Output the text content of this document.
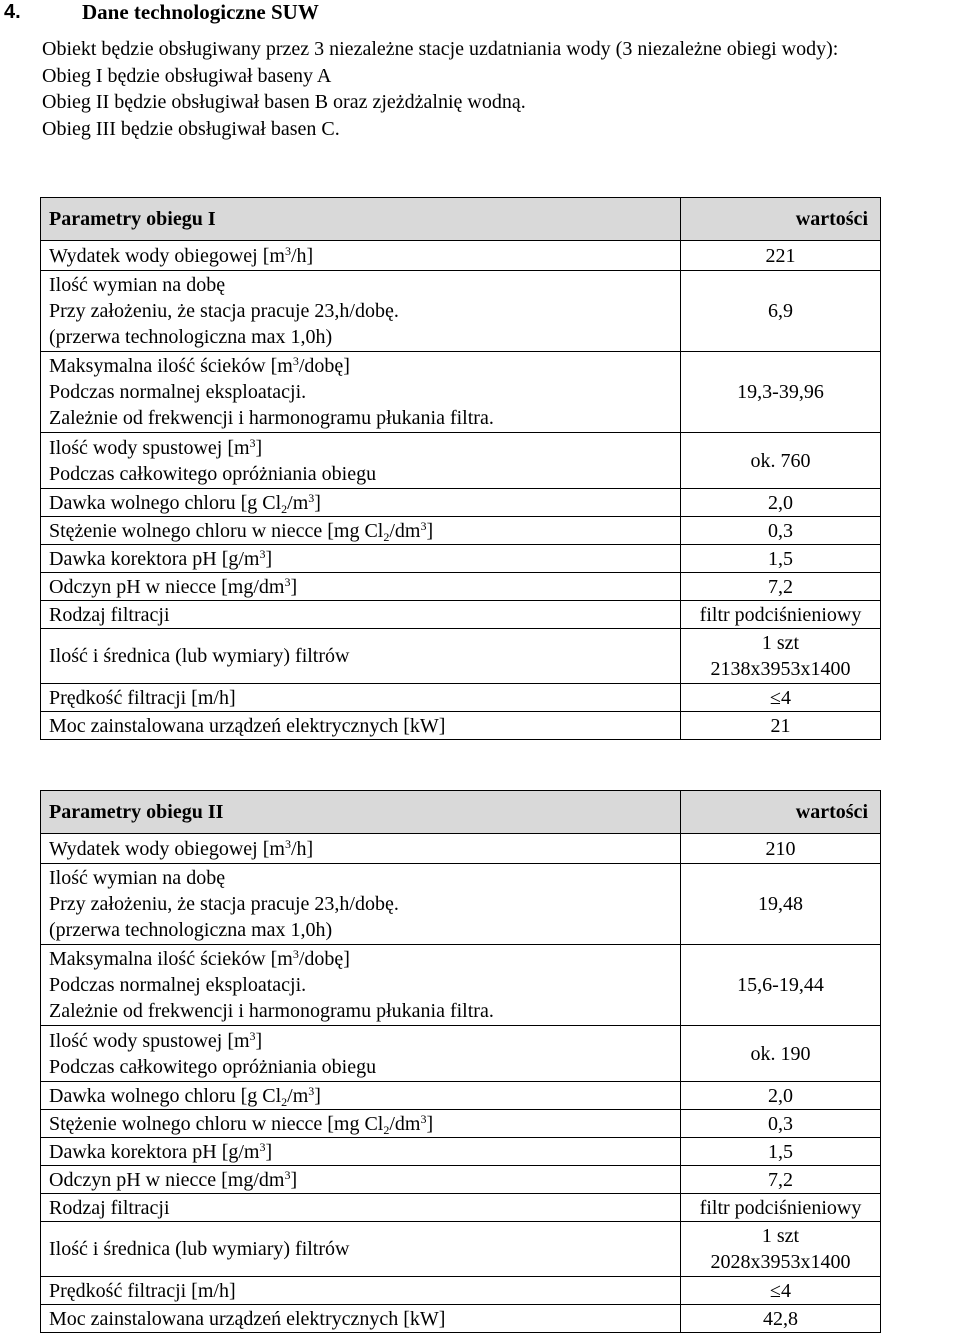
4.	Dane technologiczne SUW

Obiekt będzie obsługiwany przez 3 niezależne stacje uzdatniania wody (3 niezależne obiegi wody):

Obieg I będzie obsługiwał baseny A

Obieg II będzie obsługiwał basen B oraz zjeżdżalnię wodną.

Obieg III będzie obsługiwał basen C.

Parametry obiegu I	wartości
Wydatek wody obiegowej $[m^3/h]$	221

Ilość wymian na dobę
Przy założeniu, że stacja pracuje 23,h/dobę.
(przerwa technologiczna max 1,0h)	6,9

Maksymalna ilość ścieków $[m^3/dobę]$
Podczas normalnej eksploatacji.
Zależnie od frekwencji i harmonogramu płukania filtra.	19,3-39,96

Ilość wody spustowej $[m^3]$
Podczas całkowitego opróżniania obiegu	ok. 760
Dawka wolnego chloru [g $Cl_2/m^3$]	2,0
Stężenie wolnego chloru w niecce [mg $Cl_2/dm^3$]	0,3
Dawka korektora pH $[g/m^3]$	1,5
Odczyn pH w niecce $[mg/dm^3]$	7,2
Rodzaj filtracji	filtr podciśnieniowy
Ilość i średnica (lub wymiary) filtrów	1 szt
2138x3953x1400

Prędkość filtracji [m/h]	≤4
Moc zainstalowana urządzeń elektrycznych [kW]	21
Parametry obiegu II	wartości
Wydatek wody obiegowej $[m^3/h]$	210

Ilość wymian na dobę
Przy założeniu, że stacja pracuje 23,h/dobę.
(przerwa technologiczna max 1,0h)	19,48

Maksymalna ilość ścieków $[m^3/dobę]$
Podczas normalnej eksploatacji.
Zależnie od frekwencji i harmonogramu płukania filtra.	15,6-19,44

Ilość wody spustowej $[m^3]$
Podczas całkowitego opróżniania obiegu	ok. 190
Dawka wolnego chloru [g $Cl_2/m^3$]	2,0
Stężenie wolnego chloru w niecce [mg $Cl_2/dm^3$]	0,3
Dawka korektora pH $[g/m^3]$	1,5
Odczyn pH w niecce $[mg/dm^3]$	7,2
Rodzaj filtracji	filtr podciśnieniowy
Ilość i średnica (lub wymiary) filtrów	1 szt
2028x3953x1400

Prędkość filtracji [m/h]	≤4
Moc zainstalowana urządzeń elektrycznych [kW]	42,8
